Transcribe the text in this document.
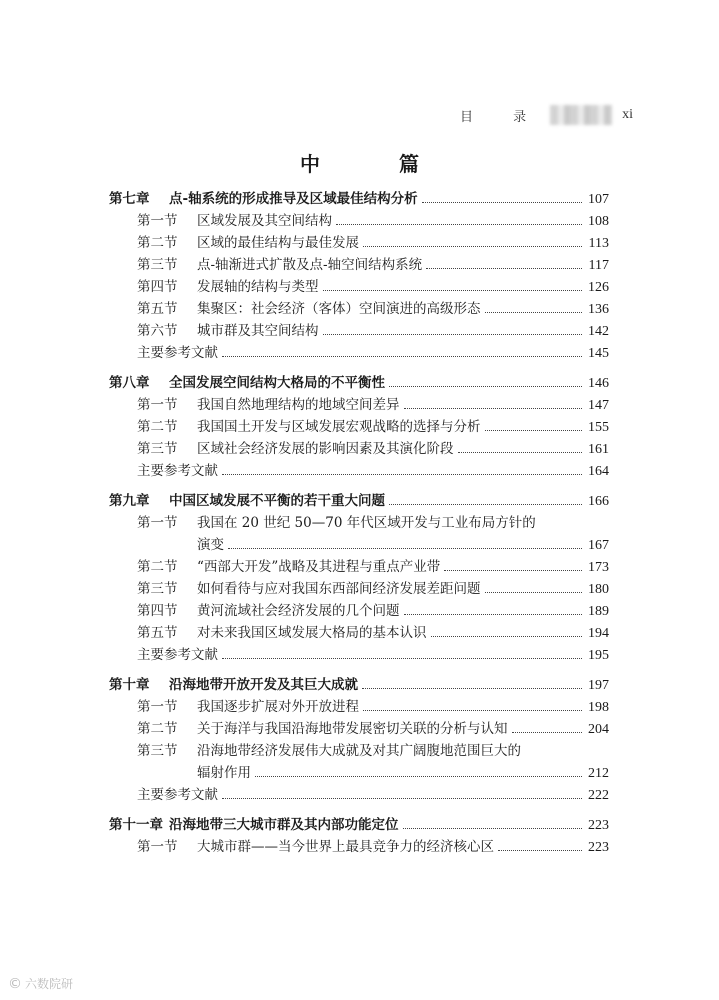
目 录	xi
中 篇
第七章	点-轴系统的形成推导及区域最佳结构分析	107
第一节	区域发展及其空间结构	108
第二节	区域的最佳结构与最佳发展	113
第三节	点-轴渐进式扩散及点-轴空间结构系统	117
第四节	发展轴的结构与类型	126
第五节	集聚区：社会经济（客体）空间演进的高级形态	136
第六节	城市群及其空间结构	142
主要参考文献	145
第八章	全国发展空间结构大格局的不平衡性	146
第一节	我国自然地理结构的地域空间差异	147
第二节	我国国土开发与区域发展宏观战略的选择与分析	155
第三节	区域社会经济发展的影响因素及其演化阶段	161
主要参考文献	164
第九章	中国区域发展不平衡的若干重大问题	166
第一节	我国在 20 世纪 50—70 年代区域开发与工业布局方针的
演变	167
第二节	“西部大开发”战略及其进程与重点产业带	173
第三节	如何看待与应对我国东西部间经济发展差距问题	180
第四节	黄河流域社会经济发展的几个问题	189
第五节	对未来我国区域发展大格局的基本认识	194
主要参考文献	195
第十章	沿海地带开放开发及其巨大成就	197
第一节	我国逐步扩展对外开放进程	198
第二节	关于海洋与我国沿海地带发展密切关联的分析与认知	204
第三节	沿海地带经济发展伟大成就及对其广阔腹地范围巨大的
辐射作用	212
主要参考文献	222
第十一章 沿海地带三大城市群及其内部功能定位	223
第一节	大城市群——当今世界上最具竞争力的经济核心区	223
© 六数院研
